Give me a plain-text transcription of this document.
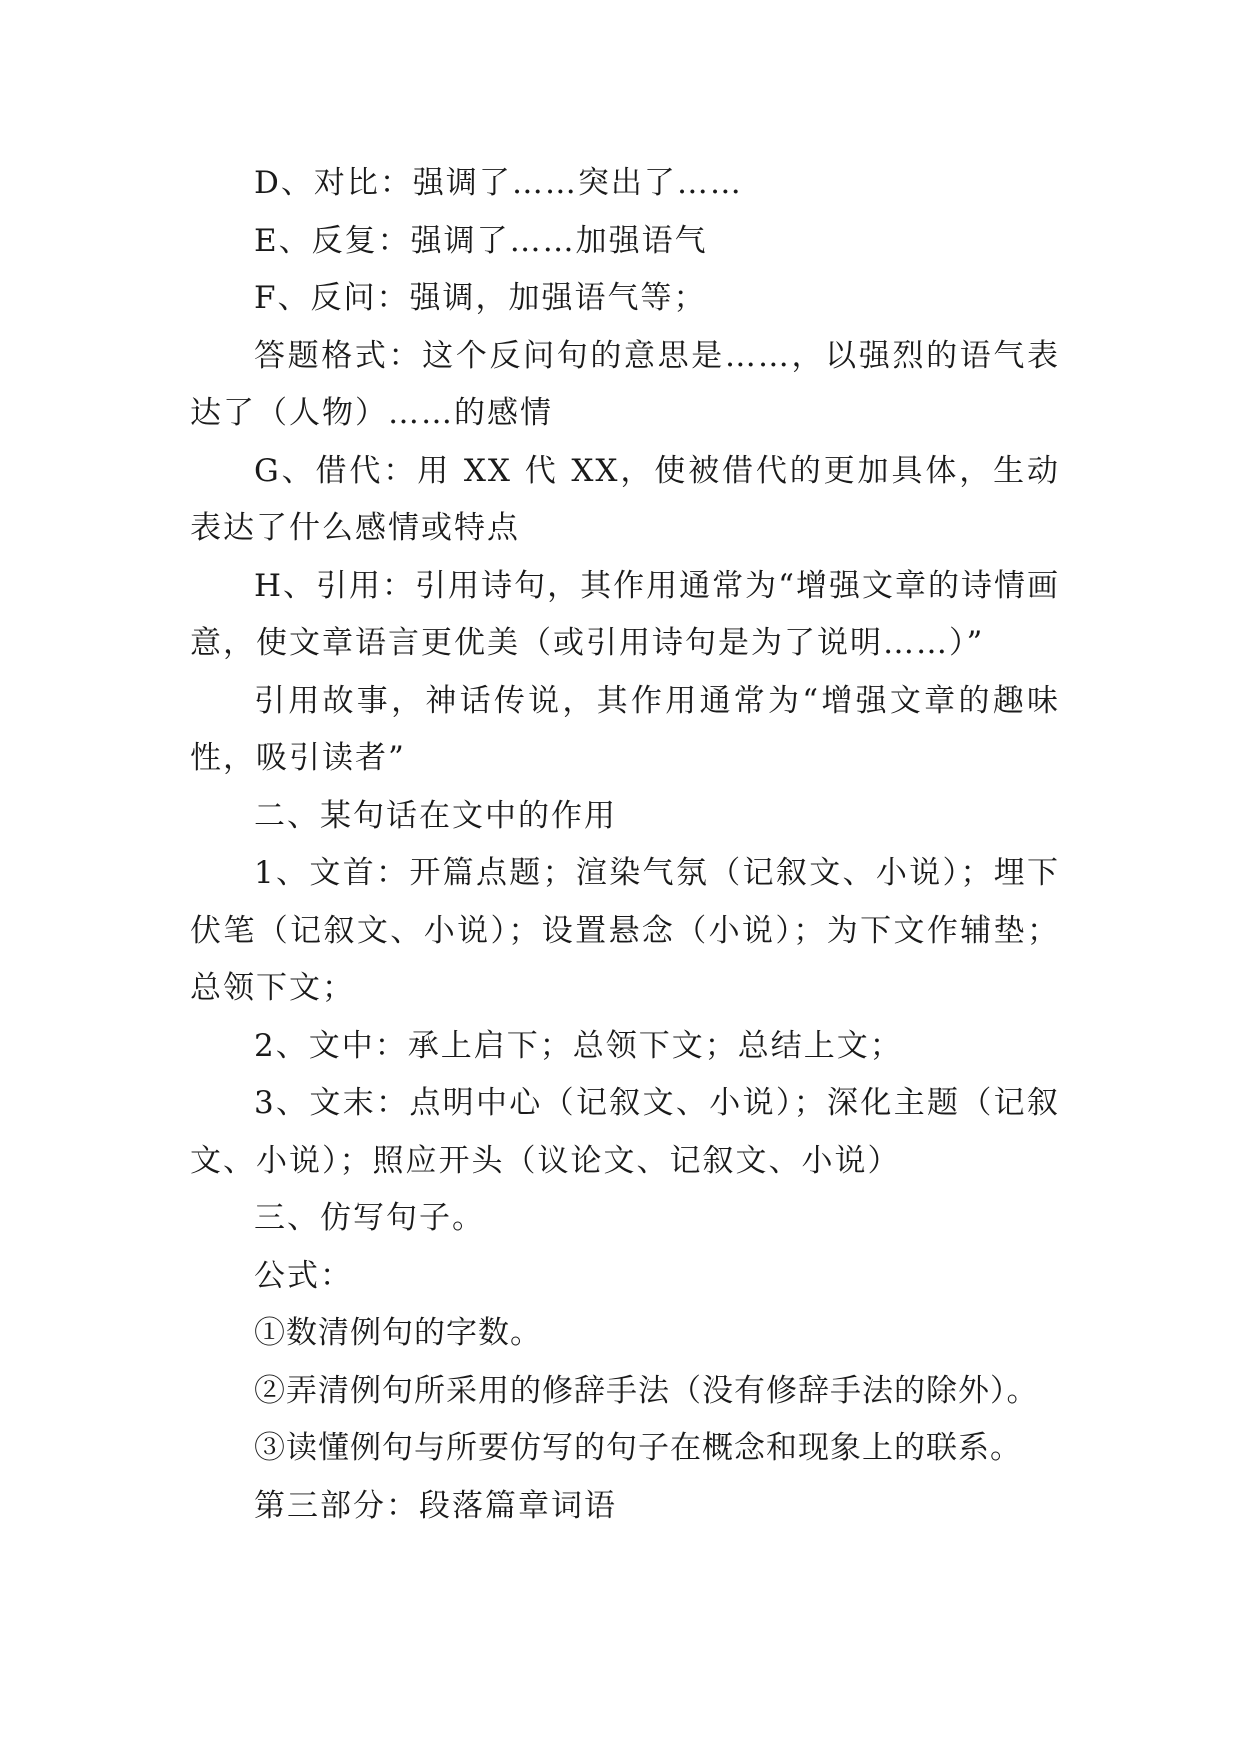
D、对比：强调了……突出了……

E、反复：强调了……加强语气

F、反问：强调，加强语气等；

答题格式：这个反问句的意思是……，以强烈的语气表达了（人物）……的感情

G、借代：用 XX 代 XX，使被借代的更加具体，生动表达了什么感情或特点

H、引用：引用诗句，其作用通常为“增强文章的诗情画意，使文章语言更优美（或引用诗句是为了说明……）”

引用故事，神话传说，其作用通常为“增强文章的趣味性，吸引读者”

二、某句话在文中的作用

1、文首：开篇点题；渲染气氛（记叙文、小说）；埋下伏笔（记叙文、小说）；设置悬念（小说）；为下文作辅垫；总领下文；

2、文中：承上启下；总领下文；总结上文；

3、文末：点明中心（记叙文、小说）；深化主题（记叙文、小说）；照应开头（议论文、记叙文、小说）

三、仿写句子。

公式：

①数清例句的字数。

②弄清例句所采用的修辞手法（没有修辞手法的除外）。

③读懂例句与所要仿写的句子在概念和现象上的联系。

第三部分：段落篇章词语
